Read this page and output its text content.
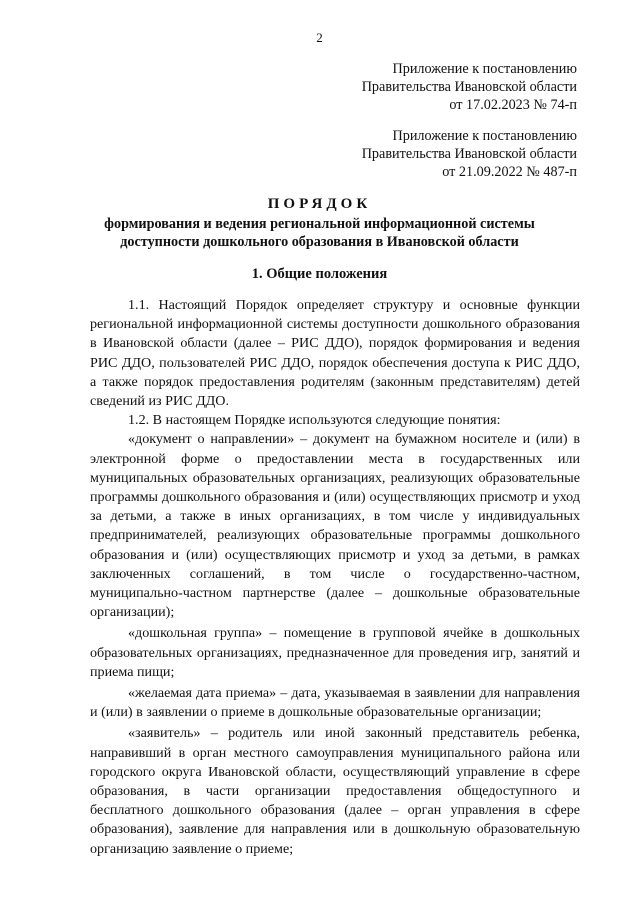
2
Приложение к постановлению
Правительства Ивановской области
от 17.02.2023 № 74-п
Приложение к постановлению
Правительства Ивановской области
от 21.09.2022 № 487-п
ПОРЯДОК
формирования и ведения региональной информационной системы
доступности дошкольного образования в Ивановской области
1. Общие положения

1.1. Настоящий Порядок определяет структуру и основные функции региональной информационной системы доступности дошкольного образования в Ивановской области (далее – РИС ДДО), порядок формирования и ведения РИС ДДО, пользователей РИС ДДО, порядок обеспечения доступа к РИС ДДО, а также порядок предоставления родителям (законным представителям) детей сведений из РИС ДДО.

1.2. В настоящем Порядке используются следующие понятия:

«документ о направлении» – документ на бумажном носителе и (или) в электронной форме о предоставлении места в государственных или муниципальных образовательных организациях, реализующих образовательные программы дошкольного образования и (или) осуществляющих присмотр и уход за детьми, а также в иных организациях, в том числе у индивидуальных предпринимателей, реализующих образовательные программы дошкольного образования и (или) осуществляющих присмотр и уход за детьми, в рамках заключенных соглашений, в том числе о государственно-частном, муниципально-частном партнерстве (далее – дошкольные образовательные организации);

«дошкольная группа» – помещение в групповой ячейке в дошкольных образовательных организациях, предназначенное для проведения игр, занятий и приема пищи;

«желаемая дата приема» – дата, указываемая в заявлении для направления и (или) в заявлении о приеме в дошкольные образовательные организации;

«заявитель» – родитель или иной законный представитель ребенка, направивший в орган местного самоуправления муниципального района или городского округа Ивановской области, осуществляющий управление в сфере образования, в части организации предоставления общедоступного и бесплатного дошкольного образования (далее – орган управления в сфере образования), заявление для направления или в дошкольную образовательную организацию заявление о приеме;
